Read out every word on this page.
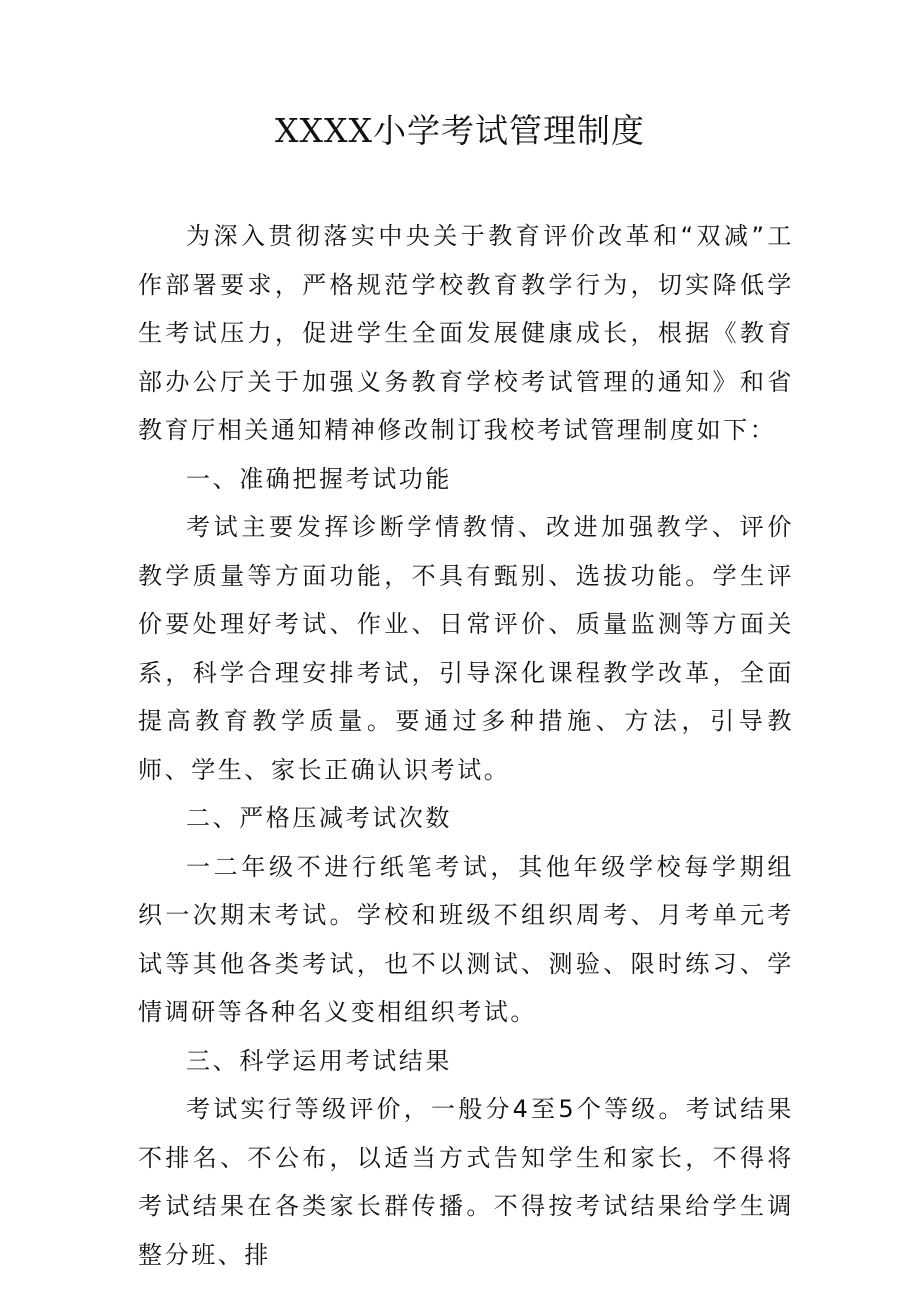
XXXX小学考试管理制度

为深入贯彻落实中央关于教育评价改革和“双减”工作部署要求，严格规范学校教育教学行为，切实降低学生考试压力，促进学生全面发展健康成长，根据《教育部办公厅关于加强义务教育学校考试管理的通知》和省教育厅相关通知精神修改制订我校考试管理制度如下：

一、准确把握考试功能

考试主要发挥诊断学情教情、改进加强教学、评价教学质量等方面功能，不具有甄别、选拔功能。学生评价要处理好考试、作业、日常评价、质量监测等方面关系，科学合理安排考试，引导深化课程教学改革，全面提高教育教学质量。要通过多种措施、方法，引导教师、学生、家长正确认识考试。

二、严格压减考试次数

一二年级不进行纸笔考试，其他年级学校每学期组织一次期末考试。学校和班级不组织周考、月考单元考试等其他各类考试，也不以测试、测验、限时练习、学情调研等各种名义变相组织考试。

三、科学运用考试结果

考试实行等级评价，一般分4至5个等级。考试结果不排名、不公布，以适当方式告知学生和家长，不得将考试结果在各类家长群传播。不得按考试结果给学生调整分班、排
